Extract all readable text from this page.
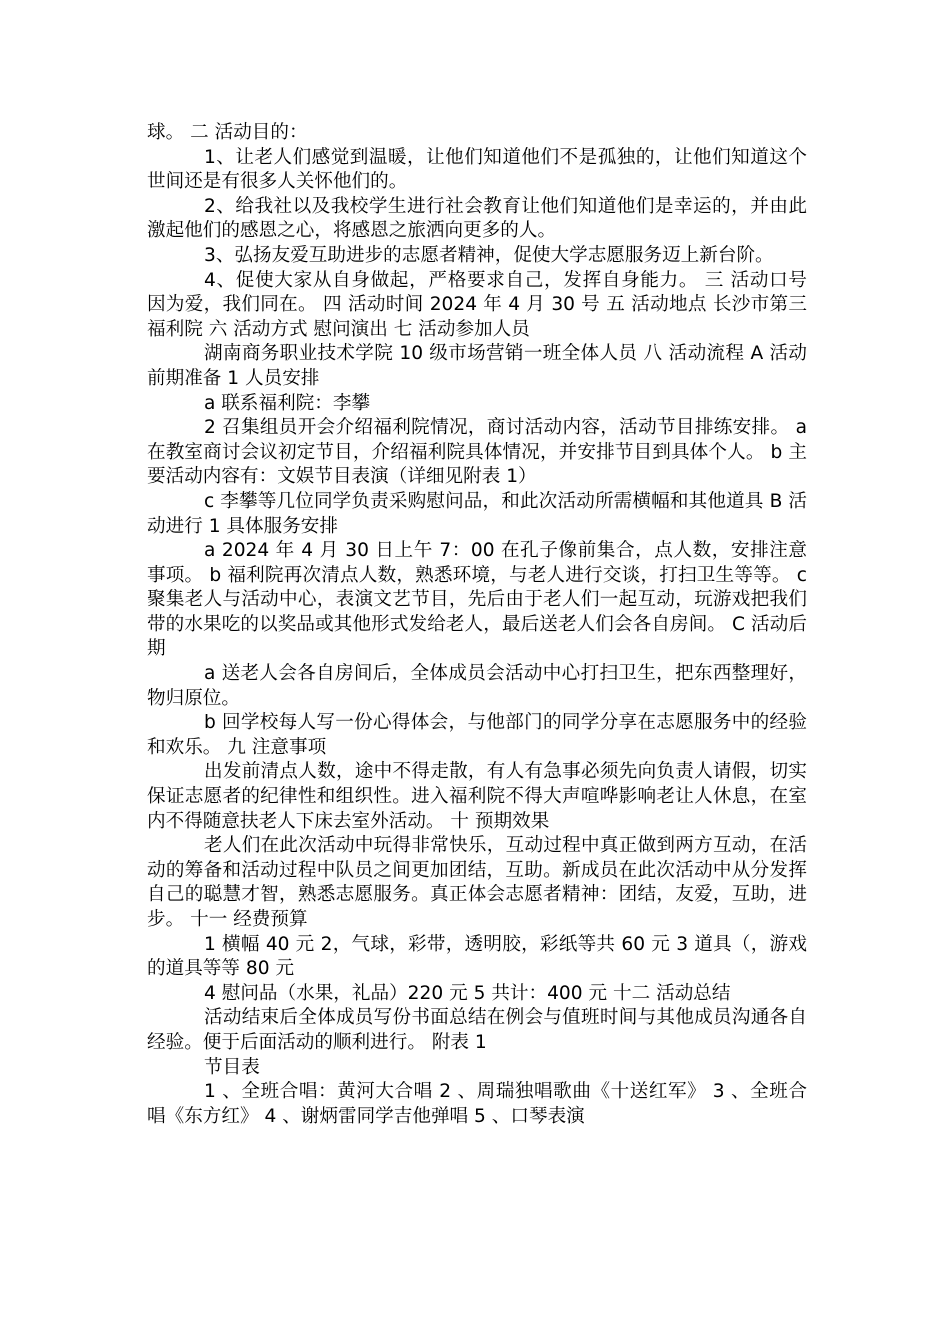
球。 二 活动目的：

1、让老人们感觉到温暖，让他们知道他们不是孤独的，让他们知道这个世间还是有很多人关怀他们的。

2、给我社以及我校学生进行社会教育让他们知道他们是幸运的，并由此激起他们的感恩之心，将感恩之旅洒向更多的人。

3、弘扬友爱互助进步的志愿者精神，促使大学志愿服务迈上新台阶。

4、促使大家从自身做起，严格要求自己，发挥自身能力。 三 活动口号 因为爱，我们同在。 四 活动时间 2024 年 4 月 30 号 五 活动地点 长沙市第三福利院 六 活动方式 慰问演出 七 活动参加人员

湖南商务职业技术学院 10 级市场营销一班全体人员 八 活动流程 A 活动前期准备 1 人员安排

a 联系福利院：李攀

2 召集组员开会介绍福利院情况，商讨活动内容，活动节目排练安排。 a 在教室商讨会议初定节目，介绍福利院具体情况，并安排节目到具体个人。 b 主要活动内容有：文娱节目表演（详细见附表 1）

c 李攀等几位同学负责采购慰问品，和此次活动所需横幅和其他道具 B 活动进行 1 具体服务安排

a 2024 年 4 月 30 日上午 7：00 在孔子像前集合，点人数，安排注意事项。 b 福利院再次清点人数，熟悉环境，与老人进行交谈，打扫卫生等等。 c 聚集老人与活动中心，表演文艺节目，先后由于老人们一起互动，玩游戏把我们带的水果吃的以奖品或其他形式发给老人，最后送老人们会各自房间。 C 活动后期

a 送老人会各自房间后，全体成员会活动中心打扫卫生，把东西整理好，物归原位。

b 回学校每人写一份心得体会，与他部门的同学分享在志愿服务中的经验和欢乐。 九 注意事项

出发前清点人数，途中不得走散，有人有急事必须先向负责人请假，切实保证志愿者的纪律性和组织性。进入福利院不得大声喧哗影响老让人休息，在室内不得随意扶老人下床去室外活动。 十 预期效果

老人们在此次活动中玩得非常快乐，互动过程中真正做到两方互动，在活动的筹备和活动过程中队员之间更加团结，互助。新成员在此次活动中从分发挥自己的聪慧才智，熟悉志愿服务。真正体会志愿者精神：团结，友爱，互助，进步。 十一 经费预算

1 横幅 40 元 2，气球，彩带，透明胶，彩纸等共 60 元 3 道具（，游戏的道具等等 80 元

4 慰问品（水果，礼品）220 元 5 共计：400 元 十二 活动总结

活动结束后全体成员写份书面总结在例会与值班时间与其他成员沟通各自经验。便于后面活动的顺利进行。 附表 1

节目表

1 、全班合唱：黄河大合唱 2 、周瑞独唱歌曲《十送红军》 3 、全班合唱《东方红》 4 、谢炳雷同学吉他弹唱 5 、口琴表演
